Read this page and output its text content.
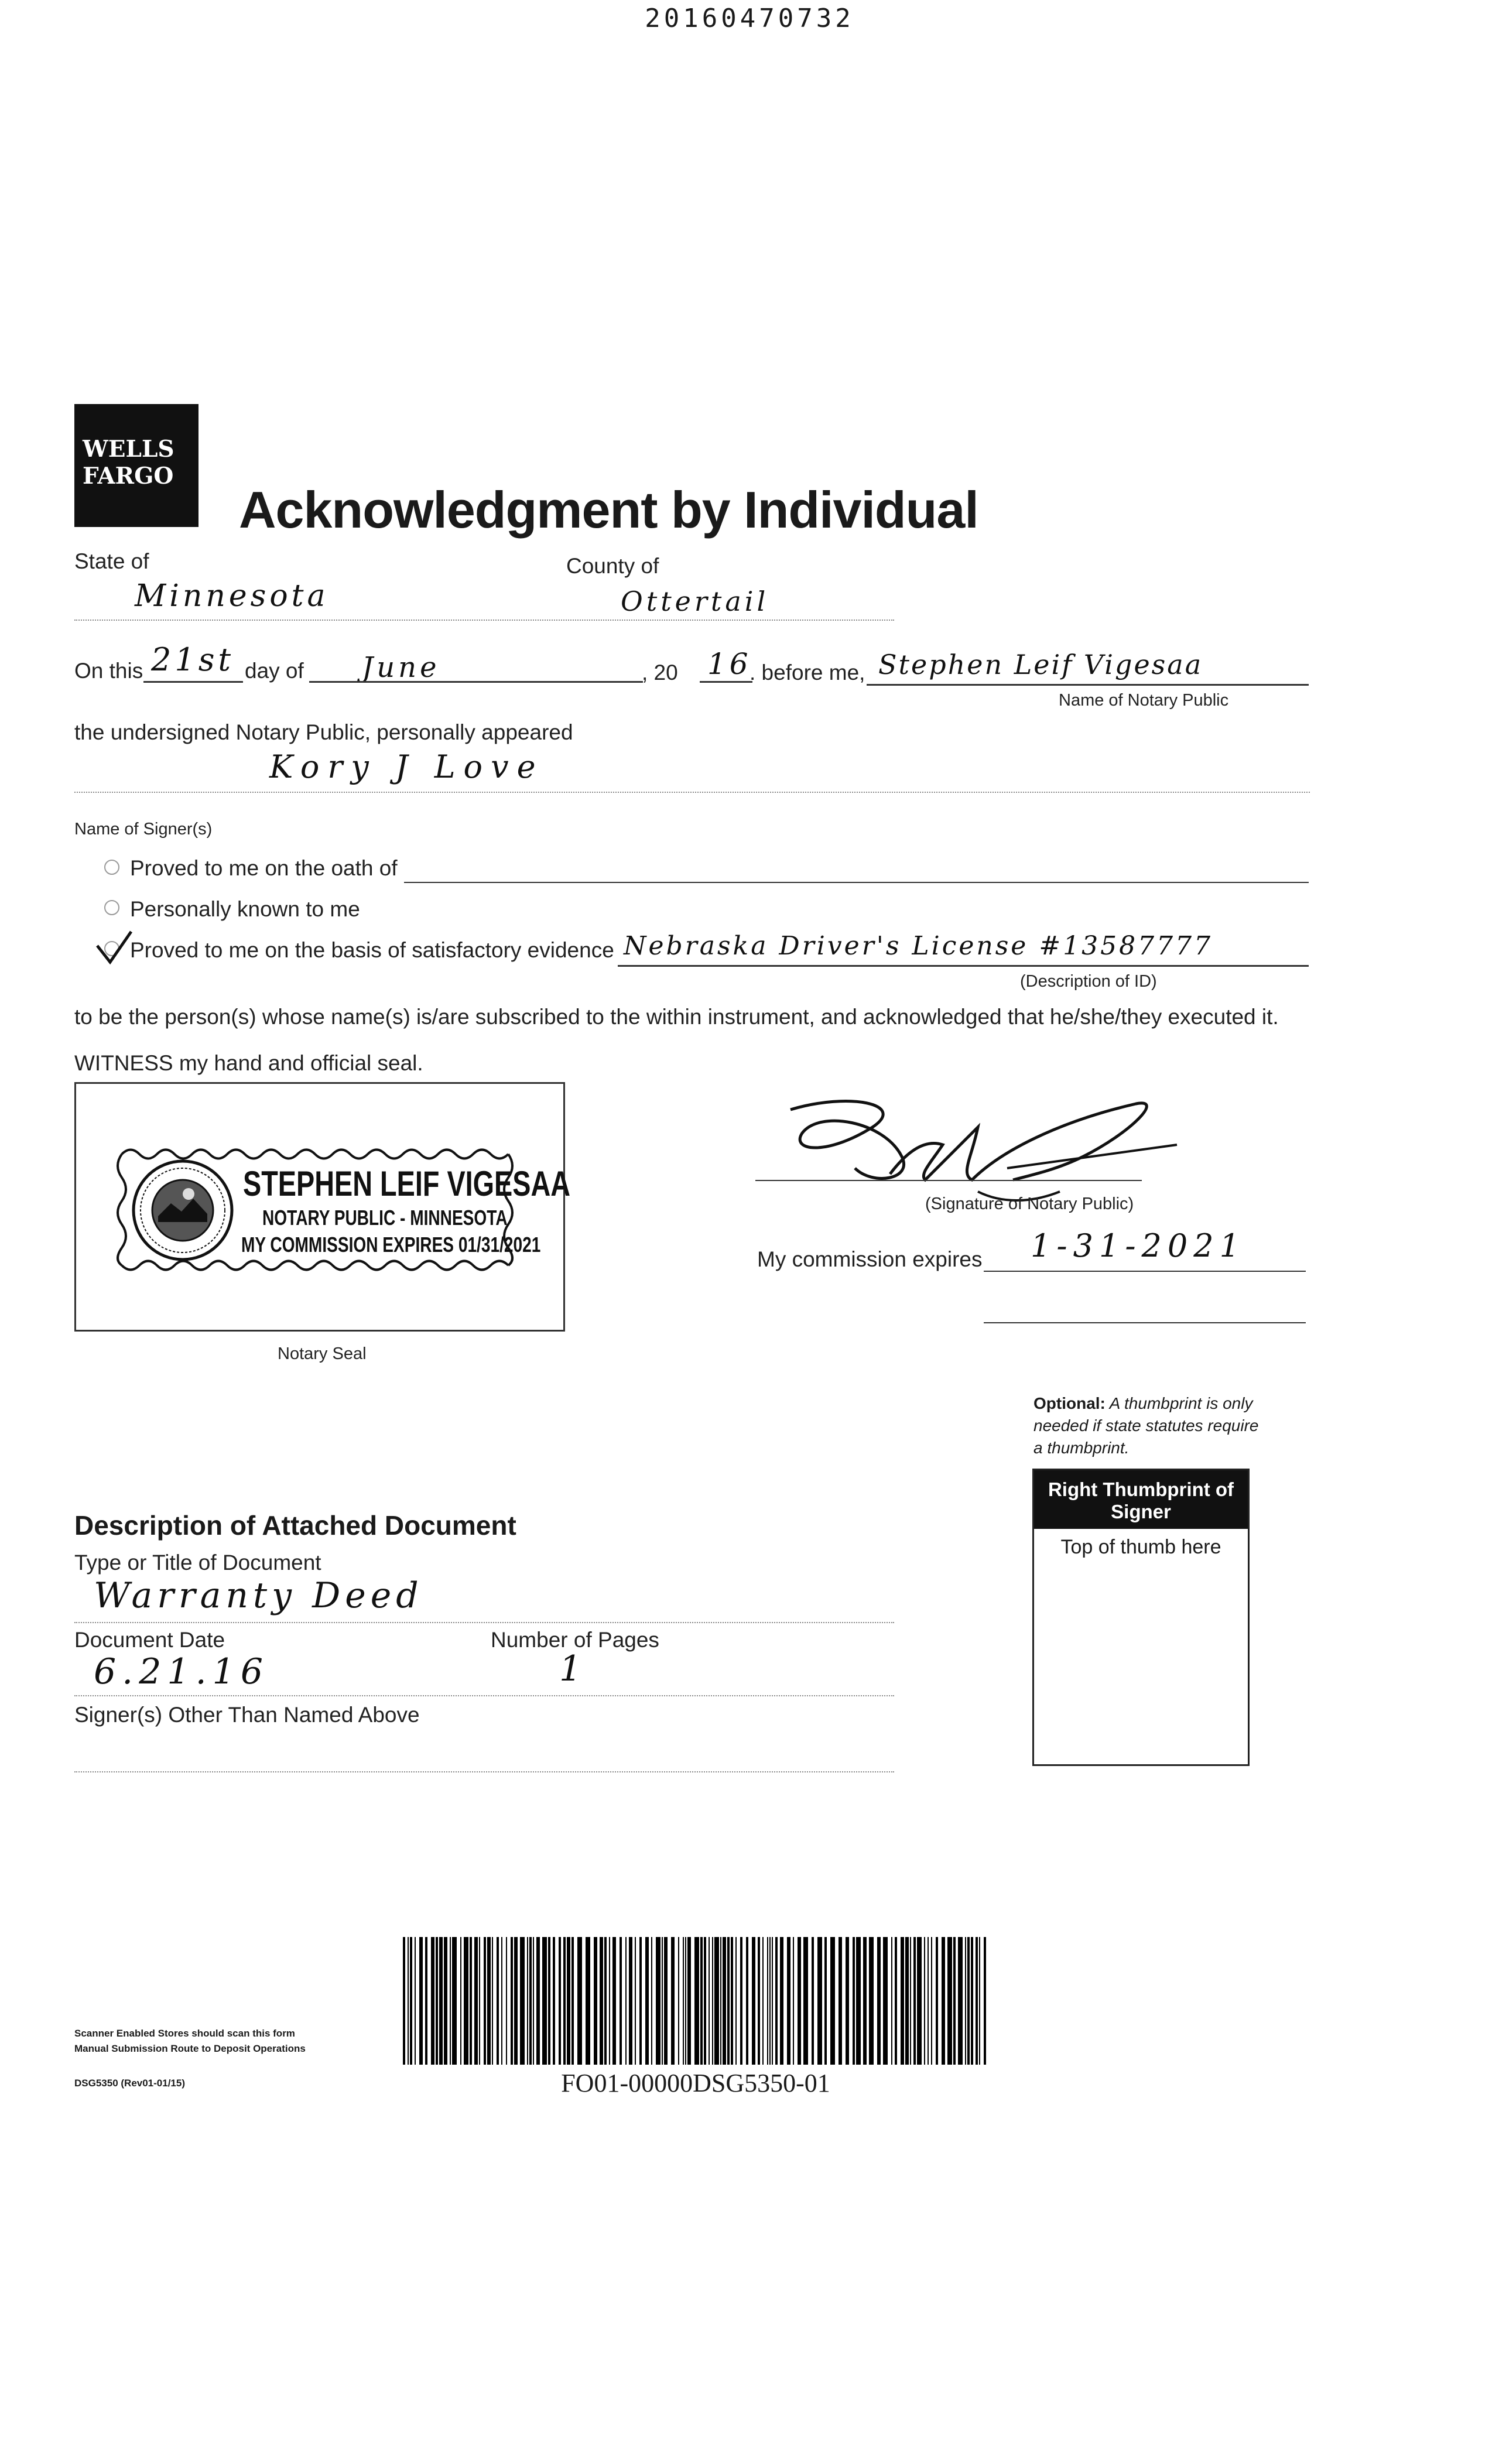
20160470732
WELLS
FARGO
Acknowledgment by Individual
State of	County of
Minnesota	Ottertail
On this 21st day of June	, 20 16
. before me, Stephen Leif Vigesaa
Name of Notary Public
the undersigned Notary Public, personally appeared
Kory J Love
Name of Signer(s)
Proved to me on the oath of
Personally known to me
Proved to me on the basis of satisfactory evidence Nebraska Driver's License #13587777
(Description of ID)
to be the person(s) whose name(s) is/are subscribed to the within instrument, and acknowledged that he/she/they executed it.
WITNESS my hand and official seal.
STEPHEN LEIF VIGESAA
NOTARY PUBLIC - MINNESOTA
MY COMMISSION EXPIRES 01/31/2021
Notary Seal
(Signature of Notary Public)
My commission expires 1-31-2021
Optional: A thumbprint is only needed if state statutes require a thumbprint.
Right Thumbprint of Signer
Top of thumb here
Description of Attached Document
Type or Title of Document
Warranty Deed
Document Date	Number of Pages
6.21.16	1
Signer(s) Other Than Named Above
Scanner Enabled Stores should scan this form
Manual Submission Route to Deposit Operations
DSG5350 (Rev01-01/15)	FO01-00000DSG5350-01
